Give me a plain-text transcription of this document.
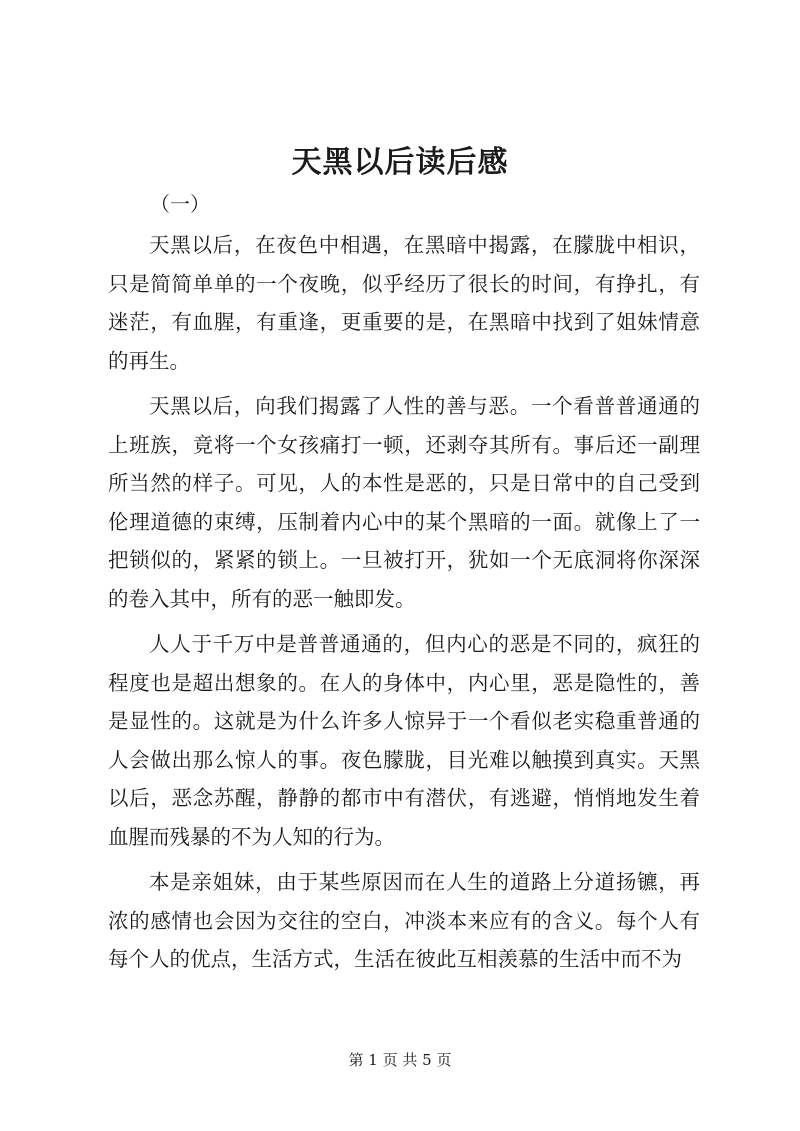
天黑以后读后感
（一）

天黑以后，在夜色中相遇，在黑暗中揭露，在朦胧中相识，只是简简单单的一个夜晚，似乎经历了很长的时间，有挣扎，有迷茫，有血腥，有重逢，更重要的是，在黑暗中找到了姐妹情意的再生。

天黑以后，向我们揭露了人性的善与恶。一个看普普通通的上班族，竟将一个女孩痛打一顿，还剥夺其所有。事后还一副理所当然的样子。可见，人的本性是恶的，只是日常中的自己受到伦理道德的束缚，压制着内心中的某个黑暗的一面。就像上了一把锁似的，紧紧的锁上。一旦被打开，犹如一个无底洞将你深深的卷入其中，所有的恶一触即发。

人人于千万中是普普通通的，但内心的恶是不同的，疯狂的程度也是超出想象的。在人的身体中，内心里，恶是隐性的，善是显性的。这就是为什么许多人惊异于一个看似老实稳重普通的人会做出那么惊人的事。夜色朦胧，目光难以触摸到真实。天黑以后，恶念苏醒，静静的都市中有潜伏，有逃避，悄悄地发生着血腥而残暴的不为人知的行为。

本是亲姐妹，由于某些原因而在人生的道路上分道扬镳，再浓的感情也会因为交往的空白，冲淡本来应有的含义。每个人有每个人的优点，生活方式，生活在彼此互相羡慕的生活中而不为

第 1 页 共 5 页
